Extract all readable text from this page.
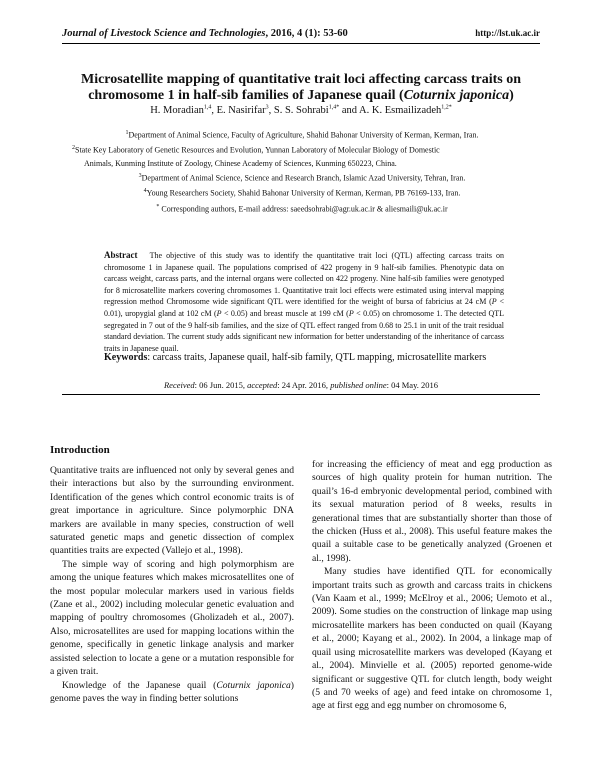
Journal of Livestock Science and Technologies, 2016, 4 (1): 53-60	http://lst.uk.ac.ir
Microsatellite mapping of quantitative trait loci affecting carcass traits on
chromosome 1 in half-sib families of Japanese quail (Coturnix japonica)
H. Moradian$^{1,4}$, E. Nasirifar$^3$, S. S. Sohrabi$^{1,4*}$ and A. K. Esmailizadeh$^{1,2*}$
$^1$Department of Animal Science, Faculty of Agriculture, Shahid Bahonar University of Kerman, Kerman, Iran.
$^2$State Key Laboratory of Genetic Resources and Evolution, Yunnan Laboratory of Molecular Biology of Domestic
Animals, Kunming Institute of Zoology, Chinese Academy of Sciences, Kunming 650223, China.
$^3$Department of Animal Science, Science and Research Branch, Islamic Azad University, Tehran, Iran.
$^4$Young Researchers Society, Shahid Bahonar University of Kerman, Kerman, PB 76169-133, Iran.
* Corresponding authors, E-mail address: saeedsohrabi@agr.uk.ac.ir & aliesmaili@uk.ac.ir
Abstract The objective of this study was to identify the quantitative trait loci (QTL) affecting carcass traits on chromosome 1 in Japanese quail. The populations comprised of 422 progeny in 9 half-sib families. Phenotypic data on carcass weight, carcass parts, and the internal organs were collected on 422 progeny. Nine half-sib families were genotyped for 8 microsatellite markers covering chromosomes 1. Quantitative trait loci effects were estimated using interval mapping regression method Chromosome wide significant QTL were identified for the weight of bursa of fabricius at 24 cM (P < 0.01), uropygial gland at 102 cM (P < 0.05) and breast muscle at 199 cM (P < 0.05) on chromosome 1. The detected QTL segregated in 7 out of the 9 half-sib families, and the size of QTL effect ranged from 0.68 to 25.1 in unit of the trait residual standard deviation. The current study adds significant new information for better understanding of the inheritance of carcass traits in Japanese quail.
Keywords: carcass traits, Japanese quail, half-sib family, QTL mapping, microsatellite markers
Received: 06 Jun. 2015, accepted: 24 Apr. 2016, published online: 04 May. 2016
Introduction

Quantitative traits are influenced not only by several genes and their interactions but also by the surrounding environment. Identification of the genes which control economic traits is of great importance in agriculture. Since polymorphic DNA markers are available in many species, construction of well saturated genetic maps and genetic dissection of complex quantities traits are expected (Vallejo et al., 1998).

The simple way of scoring and high polymorphism are among the unique features which makes microsatellites one of the most popular molecular markers used in various fields (Zane et al., 2002) including molecular genetic evaluation and mapping of poultry chromosomes (Gholizadeh et al., 2007). Also, microsatellites are used for mapping locations within the genome, specifically in genetic linkage analysis and marker assisted selection to locate a gene or a mutation responsible for a given trait.

Knowledge of the Japanese quail (Coturnix japonica) genome paves the way in finding better solutions

for increasing the efficiency of meat and egg production as sources of high quality protein for human nutrition. The quail’s 16-d embryonic developmental period, combined with its sexual maturation period of 8 weeks, results in generational times that are substantially shorter than those of the chicken (Huss et al., 2008). This useful feature makes the quail a suitable case to be genetically analyzed (Groenen et al., 1998).

Many studies have identified QTL for economically important traits such as growth and carcass traits in chickens (Van Kaam et al., 1999; McElroy et al., 2006; Uemoto et al., 2009). Some studies on the construction of linkage map using microsatellite markers has been conducted on quail (Kayang et al., 2000; Kayang et al., 2002). In 2004, a linkage map of quail using microsatellite markers was developed (Kayang et al., 2004). Minvielle et al. (2005) reported genome-wide significant or suggestive QTL for clutch length, body weight (5 and 70 weeks of age) and feed intake on chromosome 1, age at first egg and egg number on chromosome 6,
